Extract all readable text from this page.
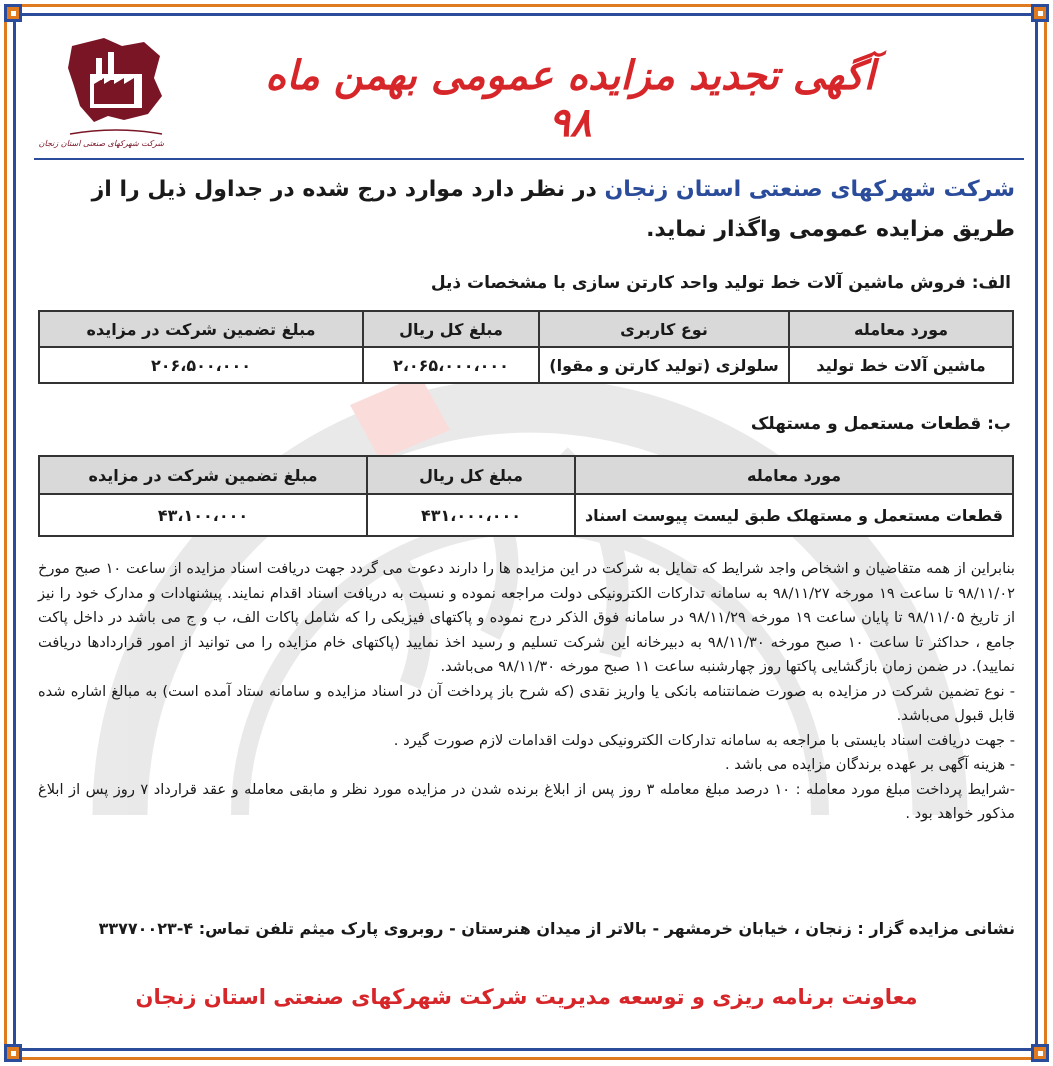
شرکت شهرکهای صنعتی استان زنجان
آگهی تجدید مزایده عمومی بهمن ماه ۹۸
شرکت شهرکهای صنعتی استان زنجان در نظر دارد موارد درج شده در جداول ذیل را از طریق مزایده عمومی واگذار نماید.
الف: فروش ماشین آلات خط تولید واحد کارتن سازی با مشخصات ذیل
مورد معامله	نوع کاربری	مبلغ کل ریال	مبلغ تضمین شرکت در مزایده
ماشین آلات خط تولید	سلولزی (تولید کارتن و مقوا)	۲،۰۶۵،۰۰۰،۰۰۰	۲۰۶،۵۰۰،۰۰۰
ب: قطعات مستعمل و مستهلک
مورد معامله	مبلغ کل ریال	مبلغ تضمین شرکت در مزایده
قطعات مستعمل و مستهلک طبق لیست پیوست اسناد	۴۳۱،۰۰۰،۰۰۰	۴۳،۱۰۰،۰۰۰

بنابراین از همه متقاضیان و اشخاص واجد شرایط که تمایل به شرکت در این مزایده ها را دارند دعوت می گردد جهت دریافت اسناد مزایده از ساعت ۱۰ صبح مورخ ۹۸/۱۱/۰۲ تا ساعت ۱۹ مورخه ۹۸/۱۱/۲۷ به سامانه تدارکات الکترونیکی دولت مراجعه نموده و نسبت به دریافت اسناد اقدام نمایند. پیشنهادات و مدارک خود را نیز از تاریخ ۹۸/۱۱/۰۵ تا پایان ساعت ۱۹ مورخه ۹۸/۱۱/۲۹ در سامانه فوق الذکر درج نموده و پاکتهای فیزیکی را که شامل پاکات الف، ب و ج می باشد در داخل پاکت جامع ، حداکثر تا ساعت ۱۰ صبح مورخه ۹۸/۱۱/۳۰ به دبیرخانه این شرکت تسلیم و رسید اخذ نمایید (پاکتهای خام مزایده را می توانید از امور قراردادها دریافت نمایید). در ضمن زمان بازگشایی پاکتها روز چهارشنبه ساعت ۱۱ صبح مورخه ۹۸/۱۱/۳۰ می‌باشد.

- نوع تضمین شرکت در مزایده به صورت ضمانتنامه بانکی یا واریز نقدی (که شرح باز پرداخت آن در اسناد مزایده و سامانه ستاد آمده است) به مبالغ اشاره شده قابل قبول می‌باشد.

- جهت دریافت اسناد بایستی با مراجعه به سامانه تدارکات الکترونیکی دولت اقدامات لازم صورت گیرد .

- هزینه آگهی بر عهده برندگان مزایده می باشد .

-شرایط پرداخت مبلغ مورد معامله : ۱۰ درصد مبلغ معامله ۳ روز پس از ابلاغ برنده شدن در مزایده مورد نظر و مابقی معامله و عقد قرارداد ۷ روز پس از ابلاغ مذکور خواهد بود .

نشانی مزایده گزار : زنجان ، خیابان خرمشهر - بالاتر از میدان هنرستان - روبروی پارک میثم تلفن تماس: ۴-۳۳۷۷۰۰۲۳
معاونت برنامه ریزی و توسعه مدیریت شرکت شهرکهای صنعتی استان زنجان
